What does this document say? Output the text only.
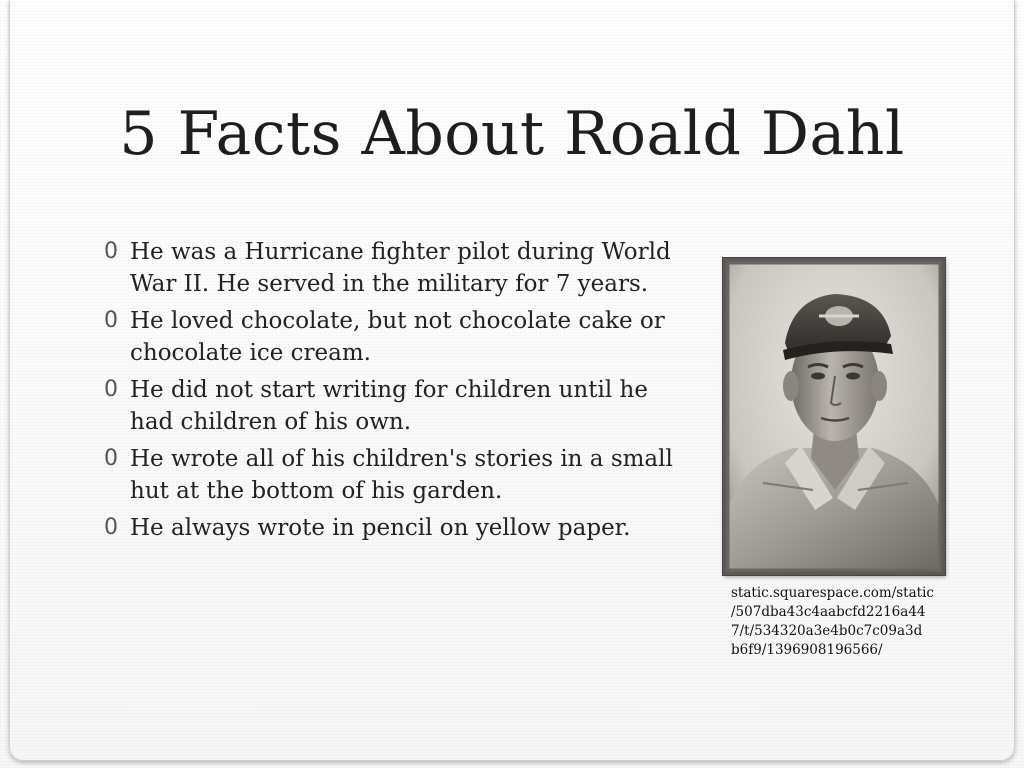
5 Facts About Roald Dahl
0 He was a Hurricane fighter pilot during World
War II. He served in the military for 7 years.
0 He loved chocolate, but not chocolate cake or
chocolate ice cream.
0 He did not start writing for children until he
had children of his own.
0 He wrote all of his children's stories in a small
hut at the bottom of his garden.
0 He always wrote in pencil on yellow paper.

static.squarespace.com/static
/507dba43c4aabcfd2216a44
7/t/534320a3e4b0c7c09a3d
b6f9/1396908196566/
